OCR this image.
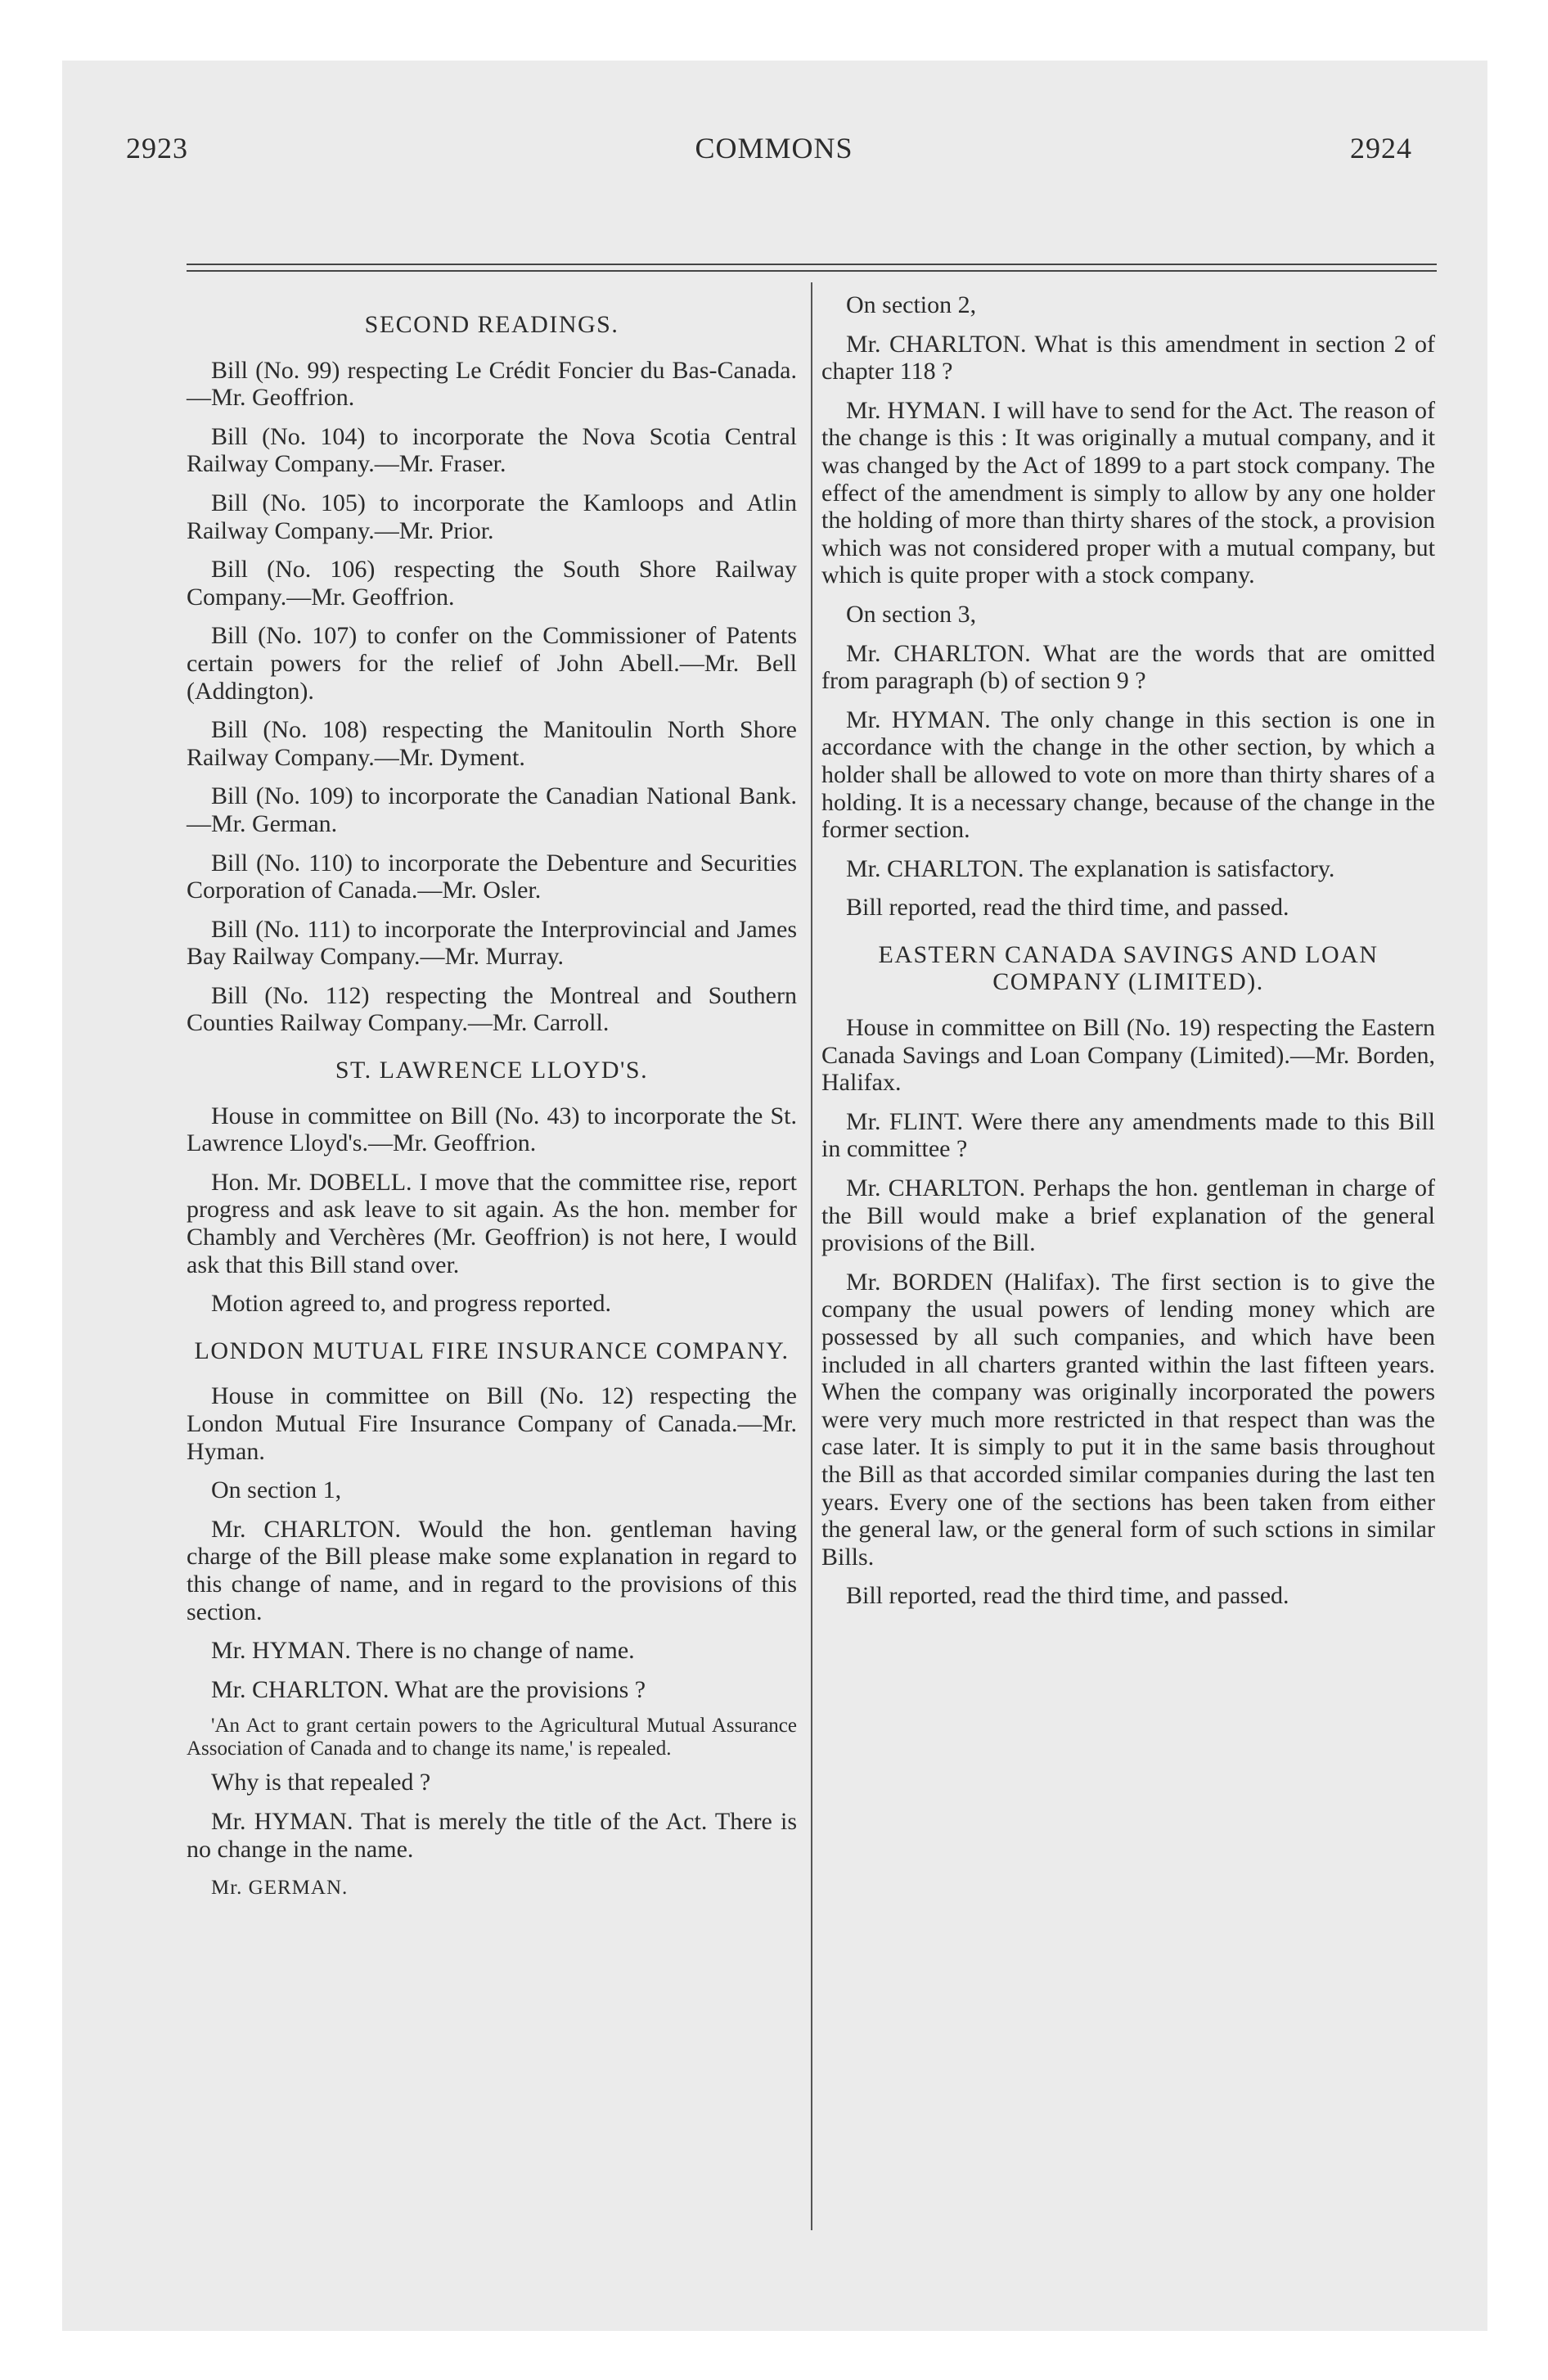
2923	COMMONS	2924
SECOND READINGS.

Bill (No. 99) respecting Le Crédit Foncier du Bas-Canada.—Mr. Geoffrion.

Bill (No. 104) to incorporate the Nova Scotia Central Railway Company.—Mr. Fraser.

Bill (No. 105) to incorporate the Kamloops and Atlin Railway Company.—Mr. Prior.

Bill (No. 106) respecting the South Shore Railway Company.—Mr. Geoffrion.

Bill (No. 107) to confer on the Commissioner of Patents certain powers for the relief of John Abell.—Mr. Bell (Addington).

Bill (No. 108) respecting the Manitoulin North Shore Railway Company.—Mr. Dyment.

Bill (No. 109) to incorporate the Canadian National Bank.—Mr. German.

Bill (No. 110) to incorporate the Debenture and Securities Corporation of Canada.—Mr. Osler.

Bill (No. 111) to incorporate the Interprovincial and James Bay Railway Company.—Mr. Murray.

Bill (No. 112) respecting the Montreal and Southern Counties Railway Company.—Mr. Carroll.

ST. LAWRENCE LLOYD'S.

House in committee on Bill (No. 43) to incorporate the St. Lawrence Lloyd's.—Mr. Geoffrion.

Hon. Mr. DOBELL. I move that the committee rise, report progress and ask leave to sit again. As the hon. member for Chambly and Verchères (Mr. Geoffrion) is not here, I would ask that this Bill stand over.

Motion agreed to, and progress reported.

LONDON MUTUAL FIRE INSURANCE COMPANY.

House in committee on Bill (No. 12) respecting the London Mutual Fire Insurance Company of Canada.—Mr. Hyman.

On section 1,

Mr. CHARLTON. Would the hon. gentleman having charge of the Bill please make some explanation in regard to this change of name, and in regard to the provisions of this section.

Mr. HYMAN. There is no change of name.

Mr. CHARLTON. What are the provisions ?

'An Act to grant certain powers to the Agricultural Mutual Assurance Association of Canada and to change its name,' is repealed.

Why is that repealed ?

Mr. HYMAN. That is merely the title of the Act. There is no change in the name.

Mr. GERMAN.

On section 2,

Mr. CHARLTON. What is this amendment in section 2 of chapter 118 ?

Mr. HYMAN. I will have to send for the Act. The reason of the change is this : It was originally a mutual company, and it was changed by the Act of 1899 to a part stock company. The effect of the amendment is simply to allow by any one holder the holding of more than thirty shares of the stock, a provision which was not considered proper with a mutual company, but which is quite proper with a stock company.

On section 3,

Mr. CHARLTON. What are the words that are omitted from paragraph (b) of section 9 ?

Mr. HYMAN. The only change in this section is one in accordance with the change in the other section, by which a holder shall be allowed to vote on more than thirty shares of a holding. It is a necessary change, because of the change in the former section.

Mr. CHARLTON. The explanation is satisfactory.

Bill reported, read the third time, and passed.

EASTERN CANADA SAVINGS AND LOAN COMPANY (LIMITED).

House in committee on Bill (No. 19) respecting the Eastern Canada Savings and Loan Company (Limited).—Mr. Borden, Halifax.

Mr. FLINT. Were there any amendments made to this Bill in committee ?

Mr. CHARLTON. Perhaps the hon. gentleman in charge of the Bill would make a brief explanation of the general provisions of the Bill.

Mr. BORDEN (Halifax). The first section is to give the company the usual powers of lending money which are possessed by all such companies, and which have been included in all charters granted within the last fifteen years. When the company was originally incorporated the powers were very much more restricted in that respect than was the case later. It is simply to put it in the same basis throughout the Bill as that accorded similar companies during the last ten years. Every one of the sections has been taken from either the general law, or the general form of such sctions in similar Bills.

Bill reported, read the third time, and passed.
